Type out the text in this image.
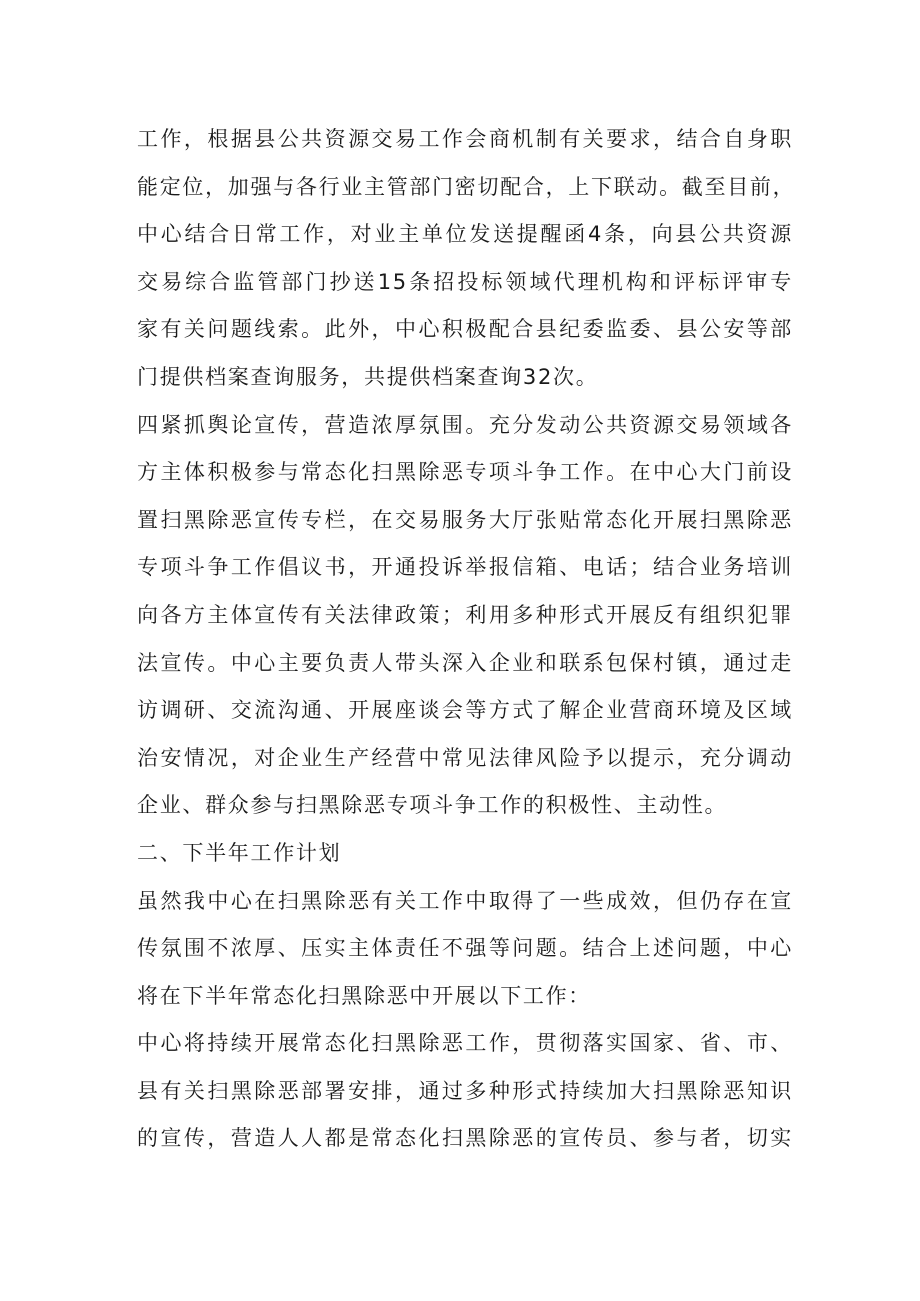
工作，根据县公共资源交易工作会商机制有关要求，结合自身职
能定位，加强与各行业主管部门密切配合，上下联动。截至目前，
中心结合日常工作，对业主单位发送提醒函4条，向县公共资源
交易综合监管部门抄送15条招投标领域代理机构和评标评审专
家有关问题线索。此外，中心积极配合县纪委监委、县公安等部
门提供档案查询服务，共提供档案查询32次。
四紧抓舆论宣传，营造浓厚氛围。充分发动公共资源交易领域各
方主体积极参与常态化扫黑除恶专项斗争工作。在中心大门前设
置扫黑除恶宣传专栏，在交易服务大厅张贴常态化开展扫黑除恶
专项斗争工作倡议书，开通投诉举报信箱、电话；结合业务培训
向各方主体宣传有关法律政策；利用多种形式开展反有组织犯罪
法宣传。中心主要负责人带头深入企业和联系包保村镇，通过走
访调研、交流沟通、开展座谈会等方式了解企业营商环境及区域
治安情况，对企业生产经营中常见法律风险予以提示，充分调动
企业、群众参与扫黑除恶专项斗争工作的积极性、主动性。
二、下半年工作计划
虽然我中心在扫黑除恶有关工作中取得了一些成效，但仍存在宣
传氛围不浓厚、压实主体责任不强等问题。结合上述问题，中心
将在下半年常态化扫黑除恶中开展以下工作：
中心将持续开展常态化扫黑除恶工作，贯彻落实国家、省、市、
县有关扫黑除恶部署安排，通过多种形式持续加大扫黑除恶知识
的宣传，营造人人都是常态化扫黑除恶的宣传员、参与者，切实
